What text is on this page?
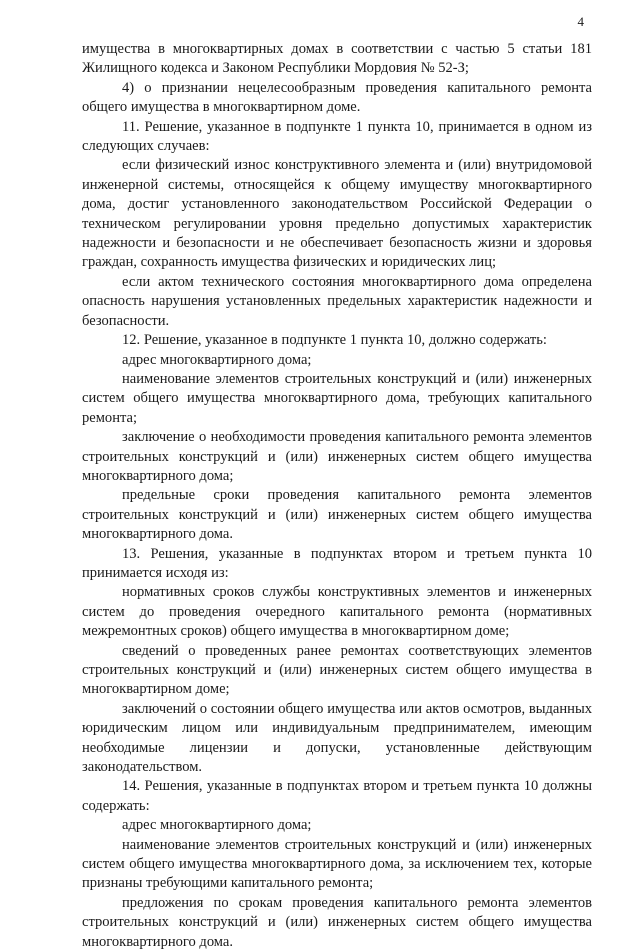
4

имущества в многоквартирных домах в соответствии с частью 5 статьи 181 Жилищного кодекса и Законом Республики Мордовия № 52-З;

4) о признании нецелесообразным проведения капитального ремонта общего имущества в многоквартирном доме.

11. Решение, указанное в подпункте 1 пункта 10, принимается в одном из следующих случаев:

если физический износ конструктивного элемента и (или) внутридомовой инженерной системы, относящейся к общему имуществу многоквартирного дома, достиг установленного законодательством Российской Федерации о техническом регулировании уровня предельно допустимых характеристик надежности и безопасности и не обеспечивает безопасность жизни и здоровья граждан, сохранность имущества физических и юридических лиц;

если актом технического состояния многоквартирного дома определена опасность нарушения установленных предельных характеристик надежности и безопасности.

12. Решение, указанное в подпункте 1 пункта 10, должно содержать:

адрес многоквартирного дома;

наименование элементов строительных конструкций и (или) инженерных систем общего имущества многоквартирного дома, требующих капитального ремонта;

заключение о необходимости проведения капитального ремонта элементов строительных конструкций и (или) инженерных систем общего имущества многоквартирного дома;

предельные сроки проведения капитального ремонта элементов строительных конструкций и (или) инженерных систем общего имущества многоквартирного дома.

13. Решения, указанные в подпунктах втором и третьем пункта 10 принимается исходя из:

нормативных сроков службы конструктивных элементов и инженерных систем до проведения очередного капитального ремонта (нормативных межремонтных сроков) общего имущества в многоквартирном доме;

сведений о проведенных ранее ремонтах соответствующих элементов строительных конструкций и (или) инженерных систем общего имущества в многоквартирном доме;

заключений о состоянии общего имущества или актов осмотров, выданных юридическим лицом или индивидуальным предпринимателем, имеющим необходимые лицензии и допуски, установленные действующим законодательством.

14. Решения, указанные в подпунктах втором и третьем пункта 10 должны содержать:

адрес многоквартирного дома;

наименование элементов строительных конструкций и (или) инженерных систем общего имущества многоквартирного дома, за исключением тех, которые признаны требующими капитального ремонта;

предложения по срокам проведения капитального ремонта элементов строительных конструкций и (или) инженерных систем общего имущества многоквартирного дома.
